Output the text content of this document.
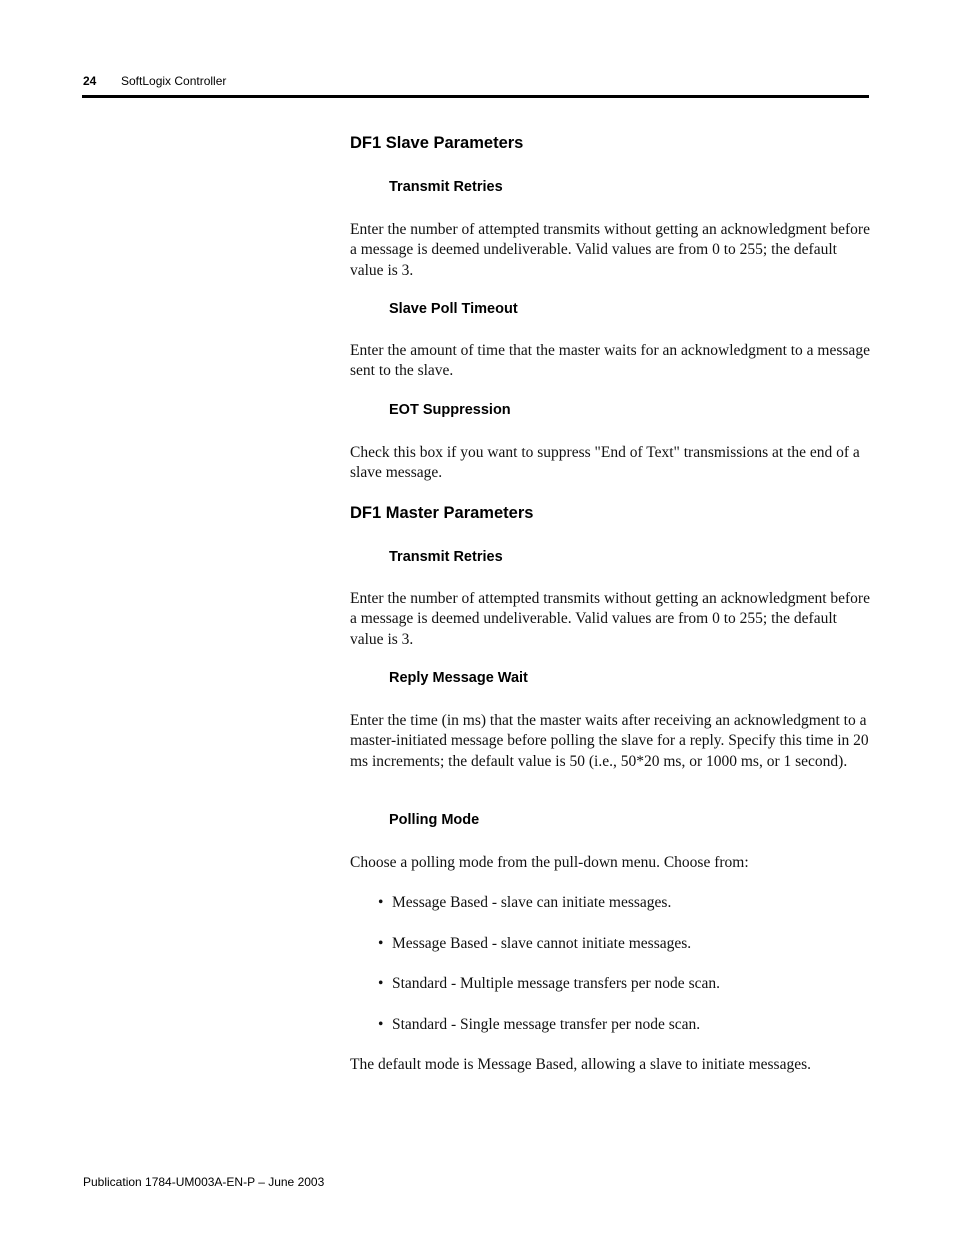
24 SoftLogix Controller
DF1 Slave Parameters
Transmit Retries
Enter the number of attempted transmits without getting an acknowledgment before a message is deemed undeliverable. Valid values are from 0 to 255; the default value is 3.
Slave Poll Timeout
Enter the amount of time that the master waits for an acknowledgment to a message sent to the slave.
EOT Suppression
Check this box if you want to suppress "End of Text" transmissions at the end of a slave message.
DF1 Master Parameters
Transmit Retries
Enter the number of attempted transmits without getting an acknowledgment before a message is deemed undeliverable. Valid values are from 0 to 255; the default value is 3.
Reply Message Wait
Enter the time (in ms) that the master waits after receiving an acknowledgment to a master-initiated message before polling the slave for a reply. Specify this time in 20 ms increments; the default value is 50 (i.e., 50*20 ms, or 1000 ms, or 1 second).
Polling Mode
Choose a polling mode from the pull-down menu. Choose from:
• Message Based - slave can initiate messages.
• Message Based - slave cannot initiate messages.
• Standard - Multiple message transfers per node scan.
• Standard - Single message transfer per node scan.
The default mode is Message Based, allowing a slave to initiate messages.
Publication 1784-UM003A-EN-P – June 2003
